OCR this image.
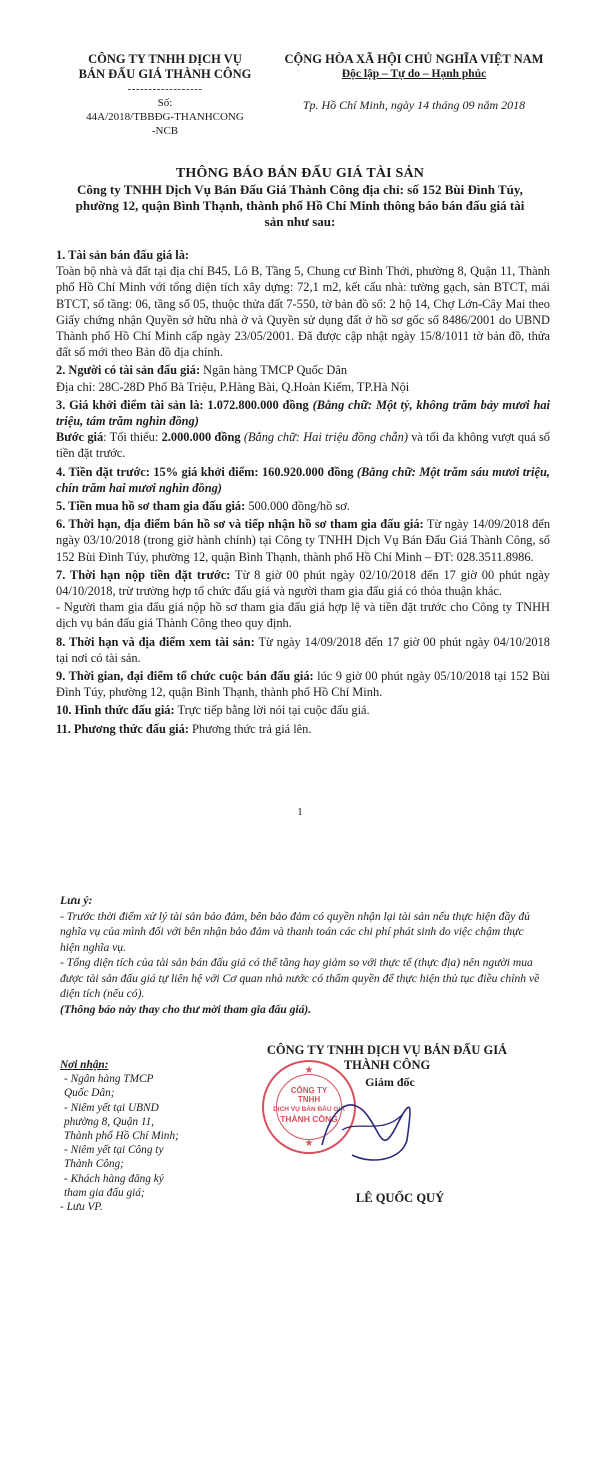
CÔNG TY TNHH DỊCH VỤ
BÁN ĐẤU GIÁ THÀNH CÔNG
------------------
Số:
44A/2018/TBBĐG-THANHCONG
-NCB
CỘNG HÒA XÃ HỘI CHỦ NGHĨA VIỆT NAM
Độc lập – Tự do – Hạnh phúc
Tp. Hồ Chí Minh, ngày 14 tháng 09 năm 2018
THÔNG BÁO BÁN ĐẤU GIÁ TÀI SẢN
Công ty TNHH Dịch Vụ Bán Đấu Giá Thành Công địa chỉ: số 152 Bùi Đình Túy,
phường 12, quận Bình Thạnh, thành phố Hồ Chí Minh thông báo bán đấu giá tài
sản như sau:

1. Tài sản bán đấu giá là:

Toàn bộ nhà và đất tại địa chỉ B45, Lô B, Tầng 5, Chung cư Bình Thới, phường 8, Quận 11, Thành phố Hồ Chí Minh với tổng diện tích xây dựng: 72,1 m2, kết cấu nhà: tường gạch, sàn BTCT, mái BTCT, số tầng: 06, tầng số 05, thuộc thửa đất 7-550, tờ bản đồ số: 2 hộ 14, Chợ Lớn-Cây Mai theo Giấy chứng nhận Quyền sở hữu nhà ở và Quyền sử dụng đất ở hồ sơ gốc số 8486/2001 do UBND Thành phố Hồ Chí Minh cấp ngày 23/05/2001. Đã được cập nhật ngày 15/8/1011 tờ bản đồ, thửa đất số mới theo Bản đồ địa chính.

2. Người có tài sản đấu giá: Ngân hàng TMCP Quốc Dân

Địa chỉ: 28C-28D Phố Bà Triệu, P.Hàng Bài, Q.Hoàn Kiếm, TP.Hà Nội

3. Giá khởi điểm tài sản là: 1.072.800.000 đồng (Bằng chữ: Một tỷ, không trăm bảy mươi hai triệu, tám trăm nghìn đồng)

Bước giá: Tối thiểu: 2.000.000 đồng (Bằng chữ: Hai triệu đồng chẵn) và tối đa không vượt quá số tiền đặt trước.

4. Tiền đặt trước: 15% giá khởi điểm: 160.920.000 đồng (Bằng chữ: Một trăm sáu mươi triệu, chín trăm hai mươi nghìn đồng)

5. Tiền mua hồ sơ tham gia đấu giá: 500.000 đồng/hồ sơ.

6. Thời hạn, địa điểm bán hồ sơ và tiếp nhận hồ sơ tham gia đấu giá: Từ ngày 14/09/2018 đến ngày 03/10/2018 (trong giờ hành chính) tại Công ty TNHH Dịch Vụ Bán Đấu Giá Thành Công, số 152 Bùi Đình Túy, phường 12, quận Bình Thạnh, thành phố Hồ Chí Minh – ĐT: 028.3511.8986.

7. Thời hạn nộp tiền đặt trước: Từ 8 giờ 00 phút ngày 02/10/2018 đến 17 giờ 00 phút ngày 04/10/2018, trừ trường hợp tổ chức đấu giá và người tham gia đấu giá có thỏa thuận khác.

- Người tham gia đấu giá nộp hồ sơ tham gia đấu giá hợp lệ và tiền đặt trước cho Công ty TNHH dịch vụ bán đấu giá Thành Công theo quy định.

8. Thời hạn và địa điểm xem tài sản: Từ ngày 14/09/2018 đến 17 giờ 00 phút ngày 04/10/2018 tại nơi có tài sản.

9. Thời gian, đại điểm tổ chức cuộc bán đấu giá: lúc 9 giờ 00 phút ngày 05/10/2018 tại 152 Bùi Đình Túy, phường 12, quận Bình Thạnh, thành phố Hồ Chí Minh.

10. Hình thức đấu giá: Trực tiếp bằng lời nói tại cuộc đấu giá.

11. Phương thức đấu giá: Phương thức trả giá lên.

1
Lưu ý:
- Trước thời điểm xử lý tài sản bảo đảm, bên bảo đảm có quyền nhận lại tài sản nếu thực hiện đầy đủ nghĩa vụ của mình đối với bên nhận bảo đảm và thanh toán các chi phí phát sinh do việc chậm thực hiện nghĩa vụ.
- Tổng diện tích của tài sản bán đấu giá có thể tăng hay giảm so với thực tế (thực địa) nên người mua được tài sản đấu giá tự liên hệ với Cơ quan nhà nước có thẩm quyền để thực hiện thủ tục điều chỉnh về diện tích (nếu có).
(Thông báo này thay cho thư mời tham gia đấu giá).
Nơi nhận:
- Ngân hàng TMCP Quốc Dân;
- Niêm yết tại UBND phường 8, Quận 11, Thành phố Hồ Chí Minh;
- Niêm yết tại Công ty Thành Công;
- Khách hàng đăng ký tham gia đấu giá;
- Lưu VP.
CÔNG TY TNHH DỊCH VỤ BÁN ĐẤU GIÁ
THÀNH CÔNG
Giám đốc
★
CÔNG TY
TNHH
DỊCH VỤ BÁN ĐẤU GIÁ
THÀNH CÔNG
★
LÊ QUỐC QUÝ
